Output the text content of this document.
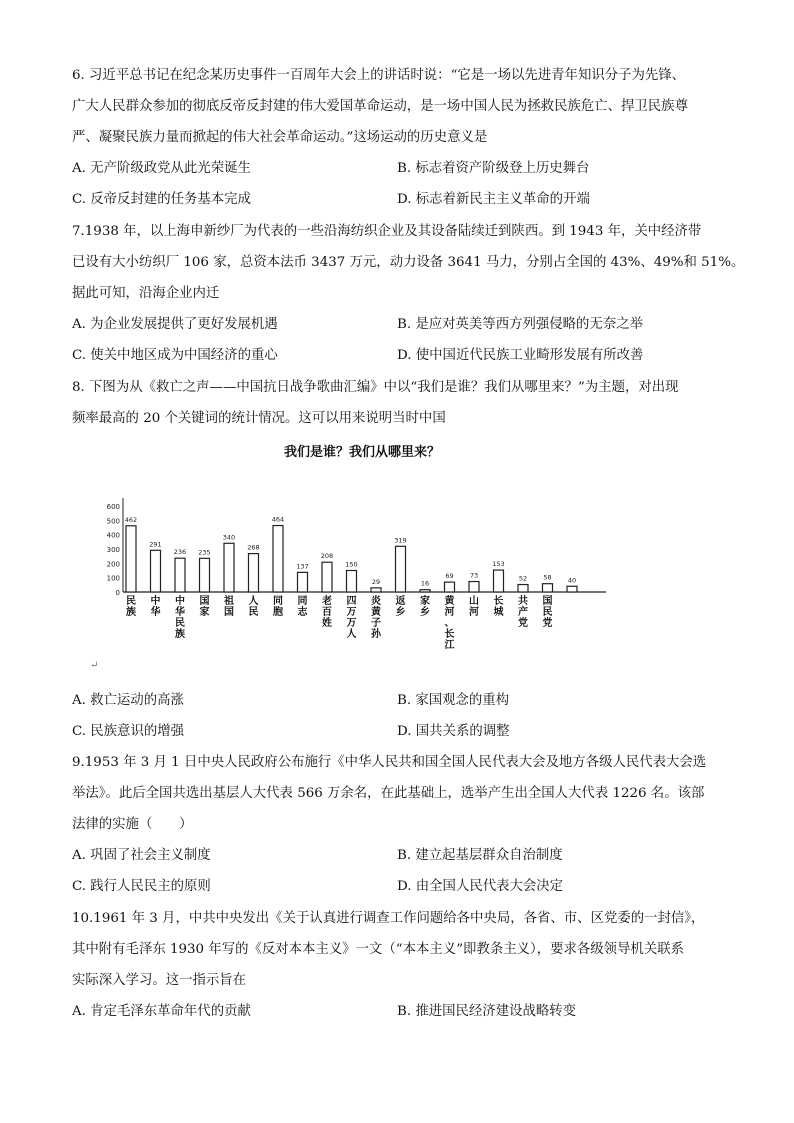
6. 习近平总书记在纪念某历史事件一百周年大会上的讲话时说：“它是一场以先进青年知识分子为先锋、
广大人民群众参加的彻底反帝反封建的伟大爱国革命运动，是一场中国人民为拯救民族危亡、捍卫民族尊
严、凝聚民族力量而掀起的伟大社会革命运动。”这场运动的历史意义是
A. 无产阶级政党从此光荣诞生	B. 标志着资产阶级登上历史舞台
C. 反帝反封建的任务基本完成	D. 标志着新民主主义革命的开端
7.1938 年，以上海申新纱厂为代表的一些沿海纺织企业及其设备陆续迁到陕西。到 1943 年，关中经济带
已设有大小纺织厂 106 家，总资本法币 3437 万元，动力设备 3641 马力，分别占全国的 43%、49%和 51%。
据此可知，沿海企业内迁
A. 为企业发展提供了更好发展机遇	B. 是应对英美等西方列强侵略的无奈之举
C. 使关中地区成为中国经济的重心	D. 使中国近代民族工业畸形发展有所改善
8. 下图为从《救亡之声——中国抗日战争歌曲汇编》中以“我们是谁？我们从哪里来？”为主题，对出现
频率最高的 20 个关键词的统计情况。这可以用来说明当时中国
我们是谁？我们从哪里来？
0
100
200
300
400
500
600
462
291
236 235
340
268
464
137
208
150
29
319
16
69 73
153
52 58 40
民族
中华
中华民族
国家
祖国
人民
同胞
同志
老百姓
四万万人
炎黄子孙
返乡
家乡
黄河、长江
山河
长城
共产党
国民党
↵
A. 救亡运动的高涨	B. 家国观念的重构
C. 民族意识的增强	D. 国共关系的调整
9.1953 年 3 月 1 日中央人民政府公布施行《中华人民共和国全国人民代表大会及地方各级人民代表大会选
举法》。此后全国共选出基层人大代表 566 万余名，在此基础上，选举产生出全国人大代表 1226 名。该部
法律的实施（　　）
A. 巩固了社会主义制度	B. 建立起基层群众自治制度
C. 践行人民民主的原则	D. 由全国人民代表大会决定
10.1961 年 3 月，中共中央发出《关于认真进行调查工作问题给各中央局，各省、市、区党委的一封信》，
其中附有毛泽东 1930 年写的《反对本本主义》一文（“本本主义”即教条主义），要求各级领导机关联系
实际深入学习。这一指示旨在
A. 肯定毛泽东革命年代的贡献	B. 推进国民经济建设战略转变
